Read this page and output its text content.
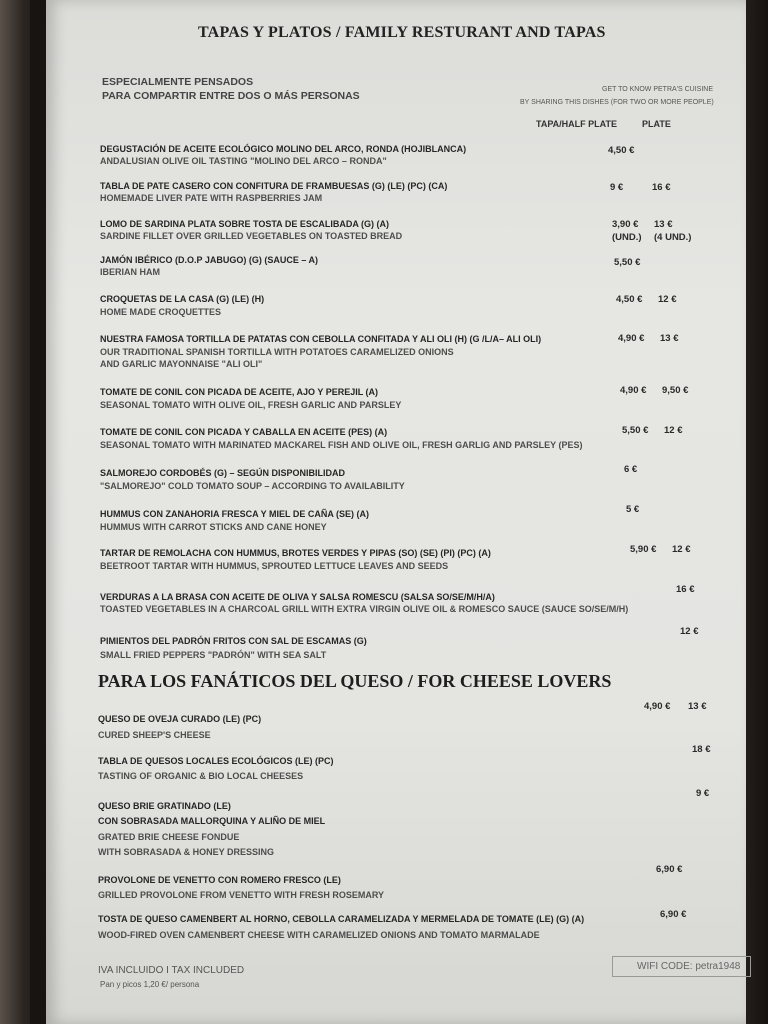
TAPAS Y PLATOS / FAMILY RESTURANT AND TAPAS
ESPECIALMENTE PENSADOS
PARA COMPARTIR ENTRE DOS O MÁS PERSONAS
GET TO KNOW PETRA'S CUISINE
BY SHARING THIS DISHES (FOR TWO OR MORE PEOPLE)
TAPA/HALF PLATE	PLATE
DEGUSTACIÓN DE ACEITE ECOLÓGICO MOLINO DEL ARCO, RONDA (HOJIBLANCA)
ANDALUSIAN OLIVE OIL TASTING "MOLINO DEL ARCO – RONDA"
4,50 €
TABLA DE PATE CASERO CON CONFITURA DE FRAMBUESAS (G) (LE) (PC) (CA)
HOMEMADE LIVER PATE WITH RASPBERRIES JAM
9 €	16 €
LOMO DE SARDINA PLATA SOBRE TOSTA DE ESCALIBADA (G) (A)
SARDINE FILLET OVER GRILLED VEGETABLES ON TOASTED BREAD
3,90 € 13 €
(UND.) (4 UND.)
JAMÓN IBÉRICO (D.O.P JABUGO) (G) (SAUCE – A)
IBERIAN HAM
5,50 €
CROQUETAS DE LA CASA (G) (LE) (H)
HOME MADE CROQUETTES
4,50 € 12 €
NUESTRA FAMOSA TORTILLA DE PATATAS CON CEBOLLA CONFITADA Y ALI OLI (H) (G /L/A– ALI OLI)
OUR TRADITIONAL SPANISH TORTILLA WITH POTATOES CARAMELIZED ONIONS
AND GARLIC MAYONNAISE "ALI OLI"
4,90 € 13 €
TOMATE DE CONIL CON PICADA DE ACEITE, AJO Y PEREJIL (A)
SEASONAL TOMATO WITH OLIVE OIL, FRESH GARLIC AND PARSLEY
4,90 € 9,50 €
TOMATE DE CONIL CON PICADA Y CABALLA EN ACEITE (PES) (A)
SEASONAL TOMATO WITH MARINATED MACKAREL FISH AND OLIVE OIL, FRESH GARLIG AND PARSLEY (PES)
5,50 € 12 €
SALMOREJO CORDOBÉS (G) – SEGÚN DISPONIBILIDAD
"SALMOREJO" COLD TOMATO SOUP – ACCORDING TO AVAILABILITY
6 €
HUMMUS CON ZANAHORIA FRESCA Y MIEL DE CAÑA (SE) (A)
HUMMUS WITH CARROT STICKS AND CANE HONEY
5 €
TARTAR DE REMOLACHA CON HUMMUS, BROTES VERDES Y PIPAS (SO) (SE) (PI) (PC) (A)
BEETROOT TARTAR WITH HUMMUS, SPROUTED LETTUCE LEAVES AND SEEDS
5,90 € 12 €
VERDURAS A LA BRASA CON ACEITE DE OLIVA Y SALSA ROMESCU (SALSA SO/SE/M/H/A)
TOASTED VEGETABLES IN A CHARCOAL GRILL WITH EXTRA VIRGIN OLIVE OIL & ROMESCO SAUCE (SAUCE SO/SE/M/H)
16 €
PIMIENTOS DEL PADRÓN FRITOS CON SAL DE ESCAMAS (G)
SMALL FRIED PEPPERS "PADRÓN" WITH SEA SALT
12 €
PARA LOS FANÁTICOS DEL QUESO / FOR CHEESE LOVERS
QUESO DE OVEJA CURADO (LE) (PC)
CURED SHEEP'S CHEESE
4,90 € 13 €
TABLA DE QUESOS LOCALES ECOLÓGICOS (LE) (PC)
TASTING OF ORGANIC & BIO LOCAL CHEESES
18 €
QUESO BRIE GRATINADO (LE)
CON SOBRASADA MALLORQUINA Y ALIÑO DE MIEL
GRATED BRIE CHEESE FONDUE
WITH SOBRASADA & HONEY DRESSING
9 €
PROVOLONE DE VENETTO CON ROMERO FRESCO (LE)
GRILLED PROVOLONE FROM VENETTO WITH FRESH ROSEMARY
6,90 €
TOSTA DE QUESO CAMENBERT AL HORNO, CEBOLLA CARAMELIZADA Y MERMELADA DE TOMATE (LE) (G) (A)
WOOD-FIRED OVEN CAMENBERT CHEESE WITH CARAMELIZED ONIONS AND TOMATO MARMALADE
6,90 €
IVA INCLUIDO I TAX INCLUDED
Pan y picos 1,20 €/ persona
WIFI CODE: petra1948
